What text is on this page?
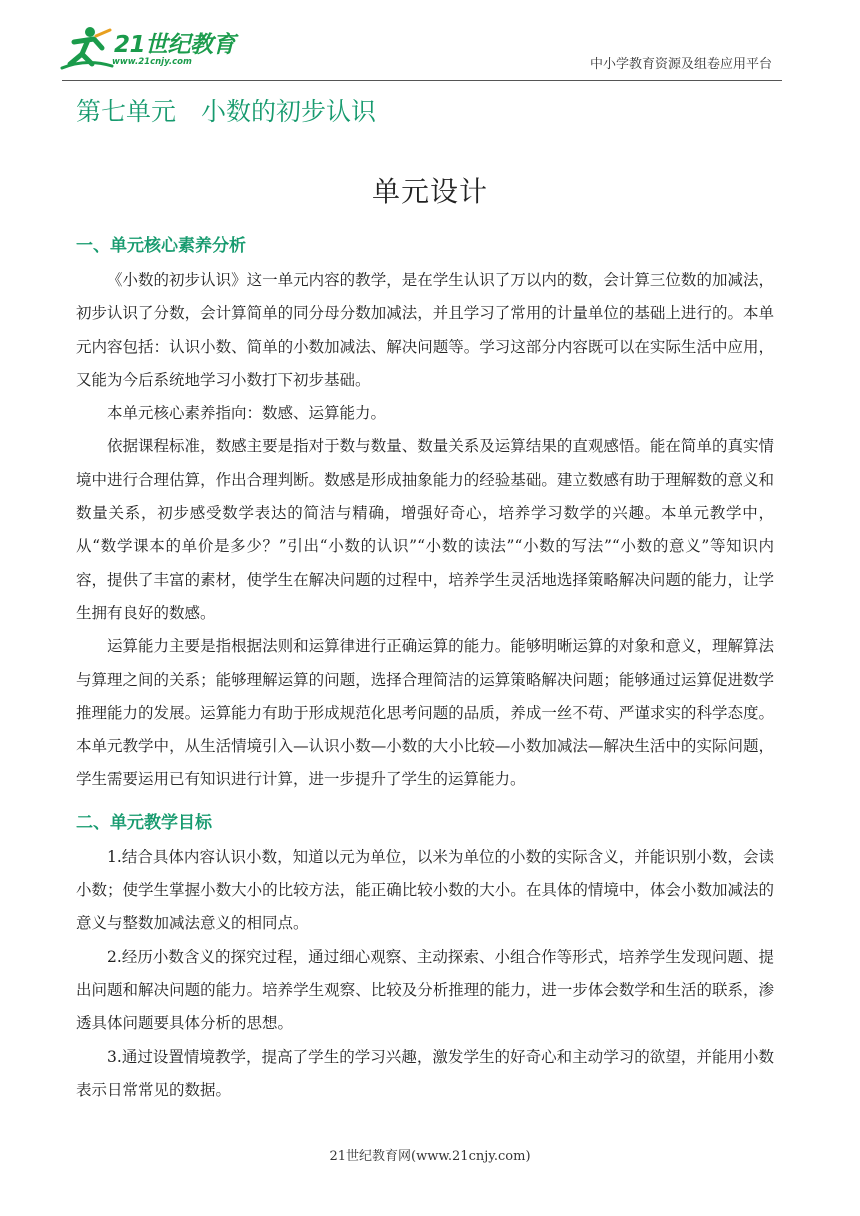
21世纪教育
www.21cnjy.com	中小学教育资源及组卷应用平台
第七单元　小数的初步认识
单元设计
一、单元核心素养分析

《小数的初步认识》这一单元内容的教学，是在学生认识了万以内的数，会计算三位数的加减法，初步认识了分数，会计算简单的同分母分数加减法，并且学习了常用的计量单位的基础上进行的。本单元内容包括：认识小数、简单的小数加减法、解决问题等。学习这部分内容既可以在实际生活中应用，又能为今后系统地学习小数打下初步基础。

本单元核心素养指向：数感、运算能力。

依据课程标准，数感主要是指对于数与数量、数量关系及运算结果的直观感悟。能在简单的真实情境中进行合理估算，作出合理判断。数感是形成抽象能力的经验基础。建立数感有助于理解数的意义和数量关系，初步感受数学表达的简洁与精确，增强好奇心，培养学习数学的兴趣。本单元教学中，从“数学课本的单价是多少？”引出“小数的认识”“小数的读法”“小数的写法”“小数的意义”等知识内容，提供了丰富的素材，使学生在解决问题的过程中，培养学生灵活地选择策略解决问题的能力，让学生拥有良好的数感。

运算能力主要是指根据法则和运算律进行正确运算的能力。能够明晰运算的对象和意义，理解算法与算理之间的关系；能够理解运算的问题，选择合理简洁的运算策略解决问题；能够通过运算促进数学推理能力的发展。运算能力有助于形成规范化思考问题的品质，养成一丝不苟、严谨求实的科学态度。本单元教学中，从生活情境引入—认识小数—小数的大小比较—小数加减法—解决生活中的实际问题，学生需要运用已有知识进行计算，进一步提升了学生的运算能力。

二、单元教学目标

1.结合具体内容认识小数，知道以元为单位，以米为单位的小数的实际含义，并能识别小数，会读小数；使学生掌握小数大小的比较方法，能正确比较小数的大小。在具体的情境中，体会小数加减法的意义与整数加减法意义的相同点。

2.经历小数含义的探究过程，通过细心观察、主动探索、小组合作等形式，培养学生发现问题、提出问题和解决问题的能力。培养学生观察、比较及分析推理的能力，进一步体会数学和生活的联系，渗透具体问题要具体分析的思想。

3.通过设置情境教学，提高了学生的学习兴趣，激发学生的好奇心和主动学习的欲望，并能用小数表示日常常见的数据。

21世纪教育网(www.21cnjy.com)
